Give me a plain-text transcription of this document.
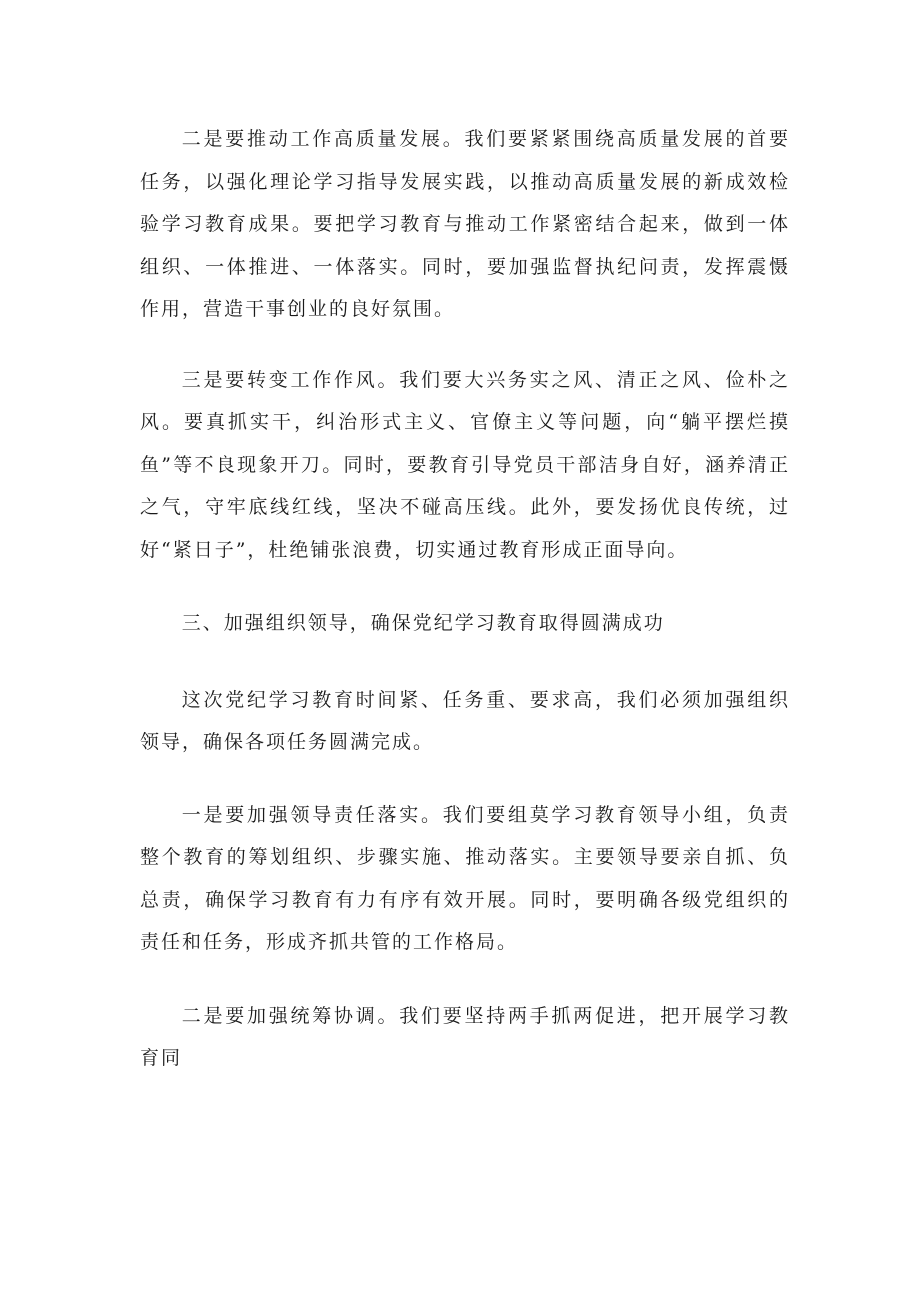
二是要推动工作高质量发展。我们要紧紧围绕高质量发展的首要任务，以强化理论学习指导发展实践，以推动高质量发展的新成效检验学习教育成果。要把学习教育与推动工作紧密结合起来，做到一体组织、一体推进、一体落实。同时，要加强监督执纪问责，发挥震慑作用，营造干事创业的良好氛围。

三是要转变工作作风。我们要大兴务实之风、清正之风、俭朴之风。要真抓实干，纠治形式主义、官僚主义等问题，向“躺平摆烂摸鱼”等不良现象开刀。同时，要教育引导党员干部洁身自好，涵养清正之气，守牢底线红线，坚决不碰高压线。此外，要发扬优良传统，过好“紧日子”，杜绝铺张浪费，切实通过教育形成正面导向。

三、加强组织领导，确保党纪学习教育取得圆满成功

这次党纪学习教育时间紧、任务重、要求高，我们必须加强组织领导，确保各项任务圆满完成。

一是要加强领导责任落实。我们要组莫学习教育领导小组，负责整个教育的筹划组织、步骤实施、推动落实。主要领导要亲自抓、负总责，确保学习教育有力有序有效开展。同时，要明确各级党组织的责任和任务，形成齐抓共管的工作格局。

二是要加强统筹协调。我们要坚持两手抓两促进，把开展学习教育同
